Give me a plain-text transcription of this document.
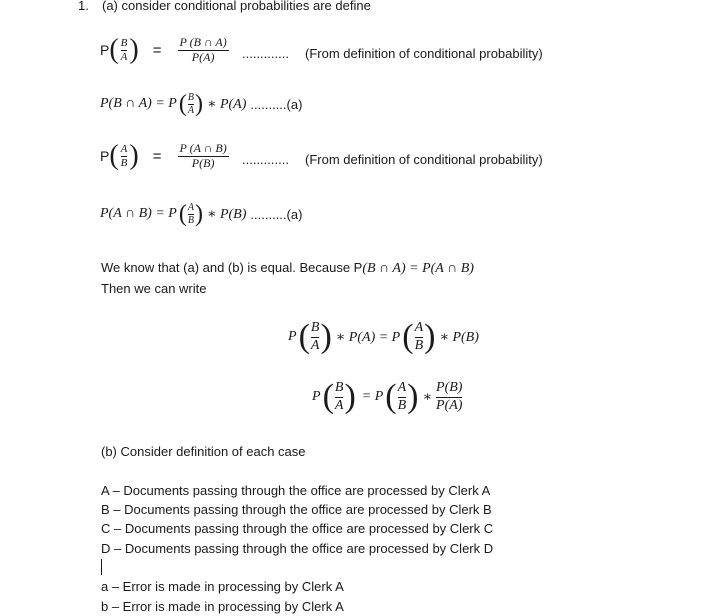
1. (a) consider conditional probabilities are define
P ( $\frac{B}{A}$ ) = $\frac{P (B \cap A)}{P(A)}$ ............. (From definition of conditional probability)
P(B ∩ A) = P ( $\frac{B}{A}$ ) ∗ P(A) ..........(a)
P ( $\frac{A}{B}$ ) = $\frac{P (A \cap B)}{P(B)}$ ............. (From definition of conditional probability)
P(A ∩ B) = P ( $\frac{A}{B}$ ) ∗ P(B) ..........(a)
We know that (a) and (b) is equal. Because P(B ∩ A) = P(A ∩ B)
Then we can write
P ( $\frac{B}{A}$ ) ∗ P(A) = P ( $\frac{A}{B}$ ) ∗ P(B)
P ( $\frac{B}{A}$ ) = P ( $\frac{A}{B}$ ) ∗ $\frac{P(B)}{P(A)}$
(b) Consider definition of each case
A – Documents passing through the office are processed by Clerk A
B – Documents passing through the office are processed by Clerk B
C – Documents passing through the office are processed by Clerk C
D – Documents passing through the office are processed by Clerk D
a – Error is made in processing by Clerk A
b – Error is made in processing by Clerk A
